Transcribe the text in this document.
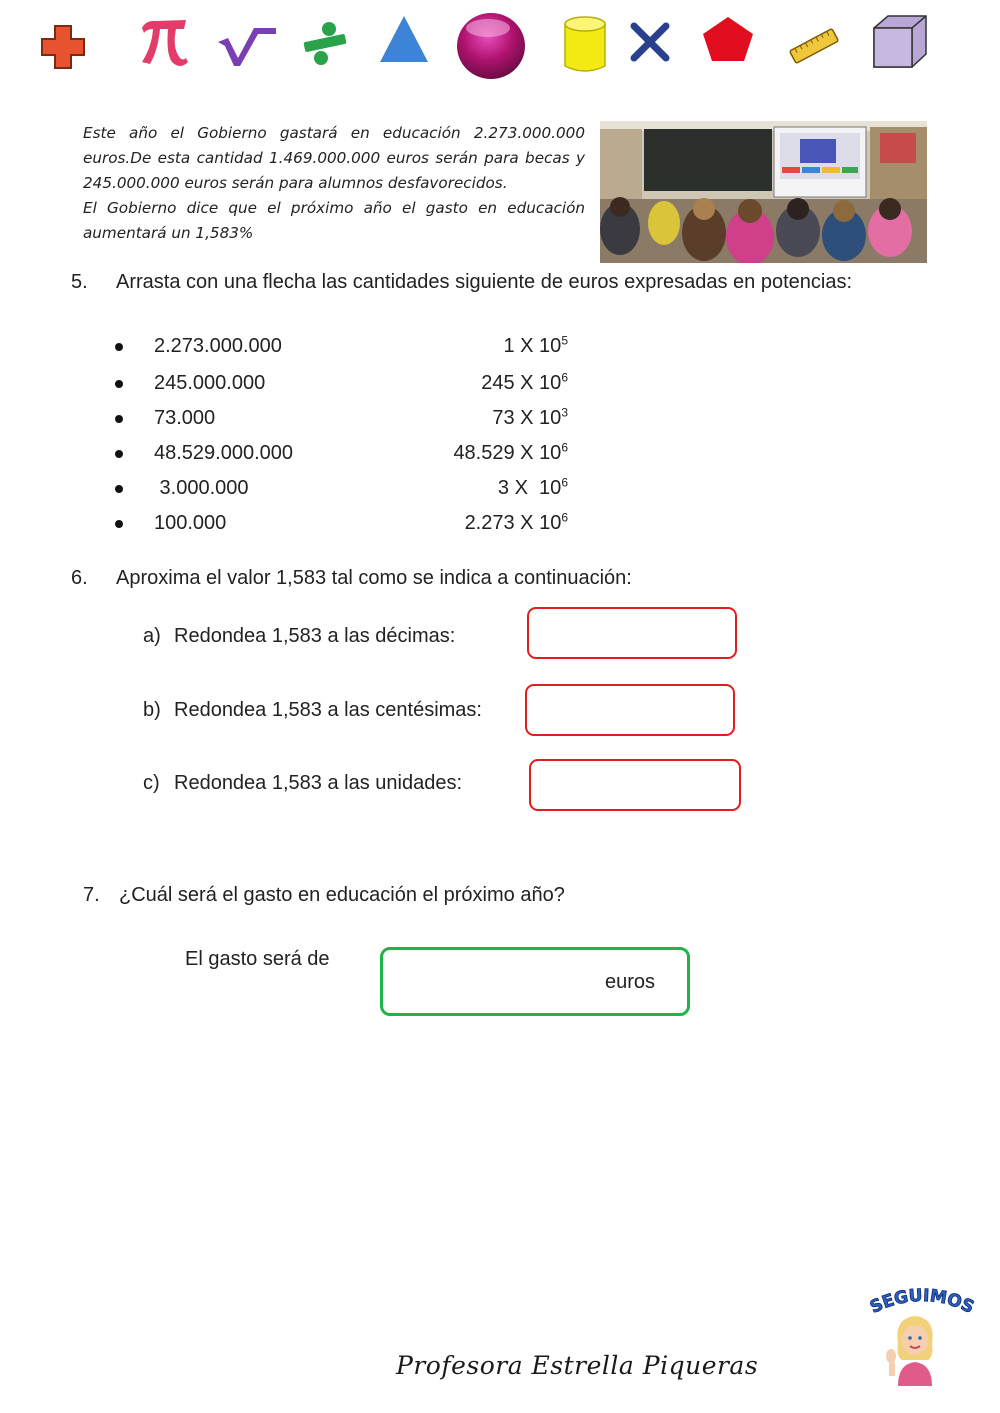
Este año el Gobierno gastará en educación 2.273.000.000 euros.De esta cantidad 1.469.000.000 euros serán para becas y 245.000.000 euros serán para alumnos desfavorecidos.

El Gobierno dice que el próximo año el gasto en educación aumentará un 1,583%

5. Arrasta con una flecha las cantidades siguiente de euros expresadas en potencias:
2.273.000.000
245.000.000
73.000
48.529.000.000
3.000.000
100.000
1 X $10^5$
245 X $10^6$
73 X $10^3$
48.529 X $10^6$
3 X  $10^6$
2.273 X $10^6$
6. Aproxima el valor 1,583 tal como se indica a continuación:
a) Redondea 1,583 a las décimas:
b) Redondea 1,583 a las centésimas:
c) Redondea 1,583 a las unidades:
7. ¿Cuál será el gasto en educación el próximo año?
El gasto será de
euros
SEGUIMOS
Profesora Estrella Piqueras
